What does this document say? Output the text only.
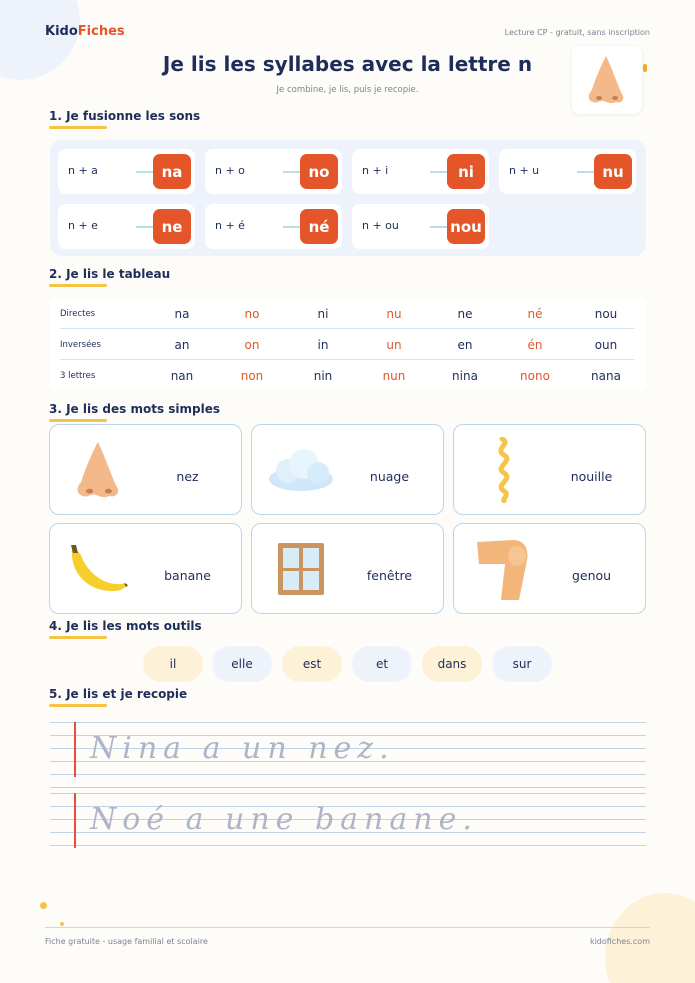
KidoFiches	Lecture CP - gratuit, sans inscription
Je lis les syllabes avec la lettre n
Je combine, je lis, puis je recopie.
1. Je fusionne les sons
n + a	na	n + o	no	n + i	ni	n + u	nu
n + e	ne	n + é	né	n + ou	nou
2. Je lis le tableau
Directes	na	no	ni	nu	ne	né	nou
Inversées	an	on	in	un	en	én	oun
3 lettres	nan	non	nin	nun	nina	nono	nana
3. Je lis des mots simples
nez	nuage	nouille
banane	fenêtre	genou
4. Je lis les mots outils
il	elle	est	et	dans	sur
5. Je lis et je recopie
Nina a un nez.
Noé a une banane.
Fiche gratuite - usage familial et scolaire	kidofiches.com
